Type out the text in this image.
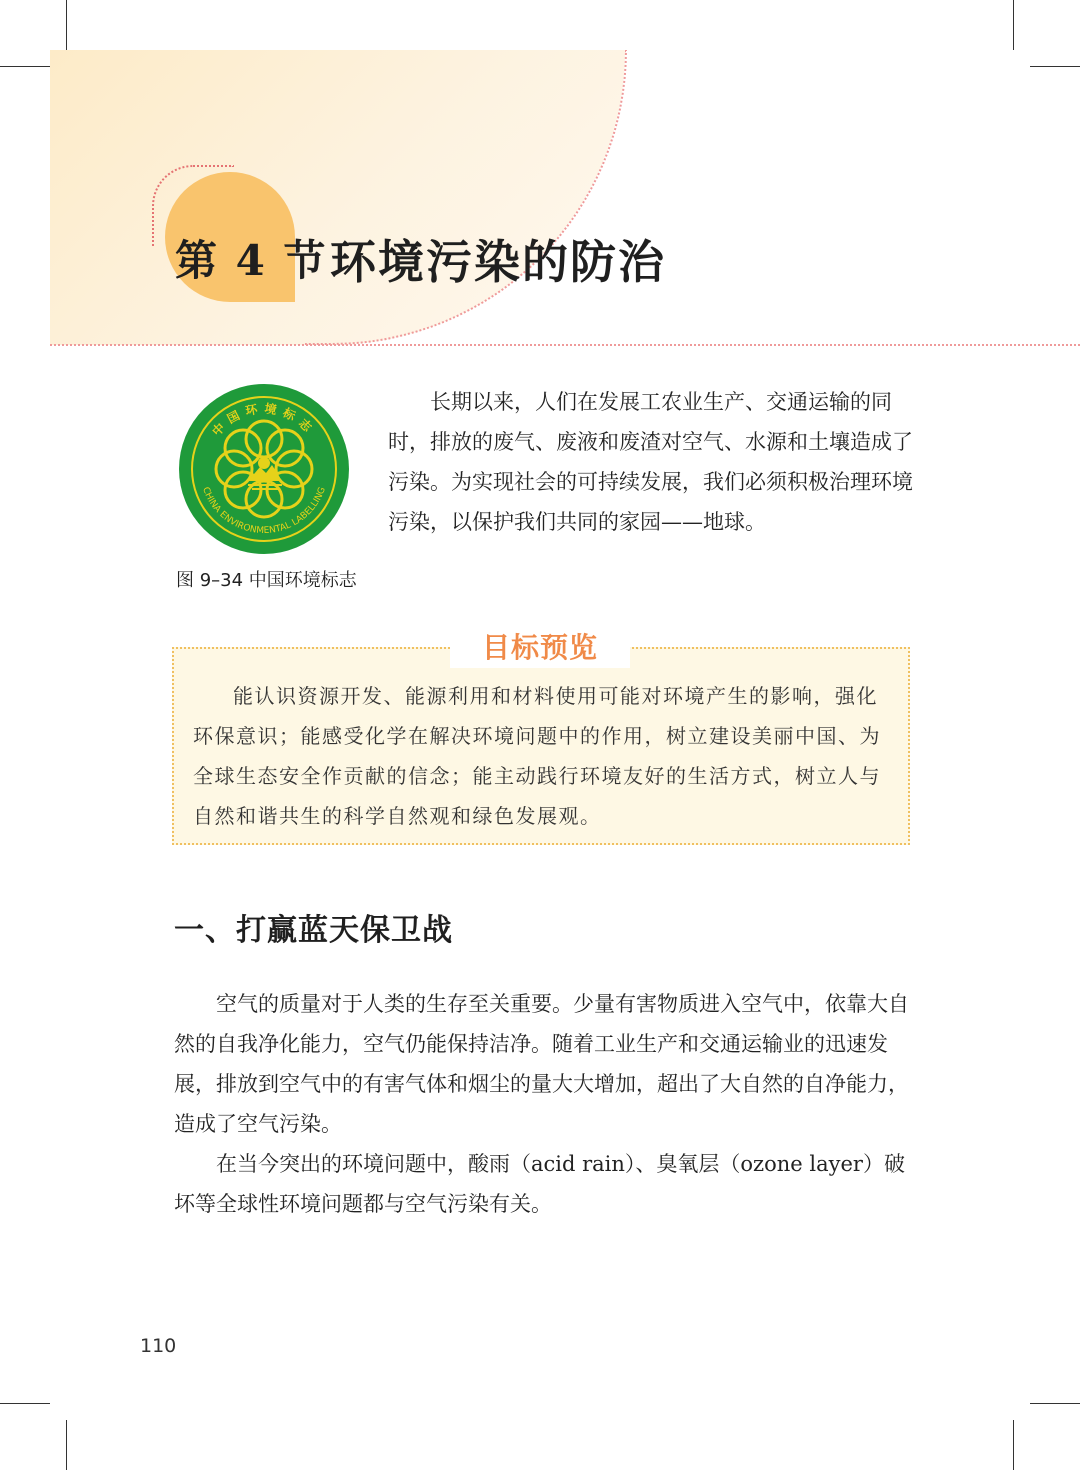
第 4 节 环境污染的防治
中国环境标志
CHINA ENVIRONMENTAL LABELLING
图 9–34 中国环境标志

长期以来，人们在发展工农业生产、交通运输的同时，排放的废气、废液和废渣对空气、水源和土壤造成了污染。为实现社会的可持续发展，我们必须积极治理环境污染，以保护我们共同的家园——地球。

目标预览

能认识资源开发、能源利用和材料使用可能对环境产生的影响，强化环保意识；能感受化学在解决环境问题中的作用，树立建设美丽中国、为全球生态安全作贡献的信念；能主动践行环境友好的生活方式，树立人与自然和谐共生的科学自然观和绿色发展观。

一、打赢蓝天保卫战

空气的质量对于人类的生存至关重要。少量有害物质进入空气中，依靠大自然的自我净化能力，空气仍能保持洁净。随着工业生产和交通运输业的迅速发展，排放到空气中的有害气体和烟尘的量大大增加，超出了大自然的自净能力，造成了空气污染。

在当今突出的环境问题中，酸雨（acid rain）、臭氧层（ozone layer）破坏等全球性环境问题都与空气污染有关。

110
